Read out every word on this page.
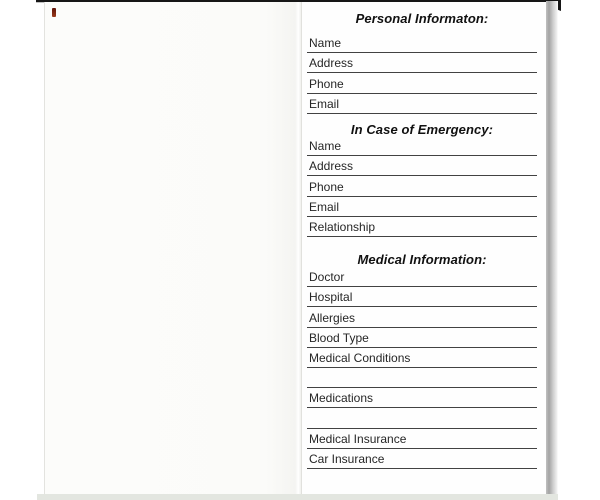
Personal Informaton:
Name
Address
Phone
Email
In Case of Emergency:
Name
Address
Phone
Email
Relationship
Medical Information:
Doctor
Hospital
Allergies
Blood Type
Medical Conditions
Medications
Medical Insurance
Car Insurance
